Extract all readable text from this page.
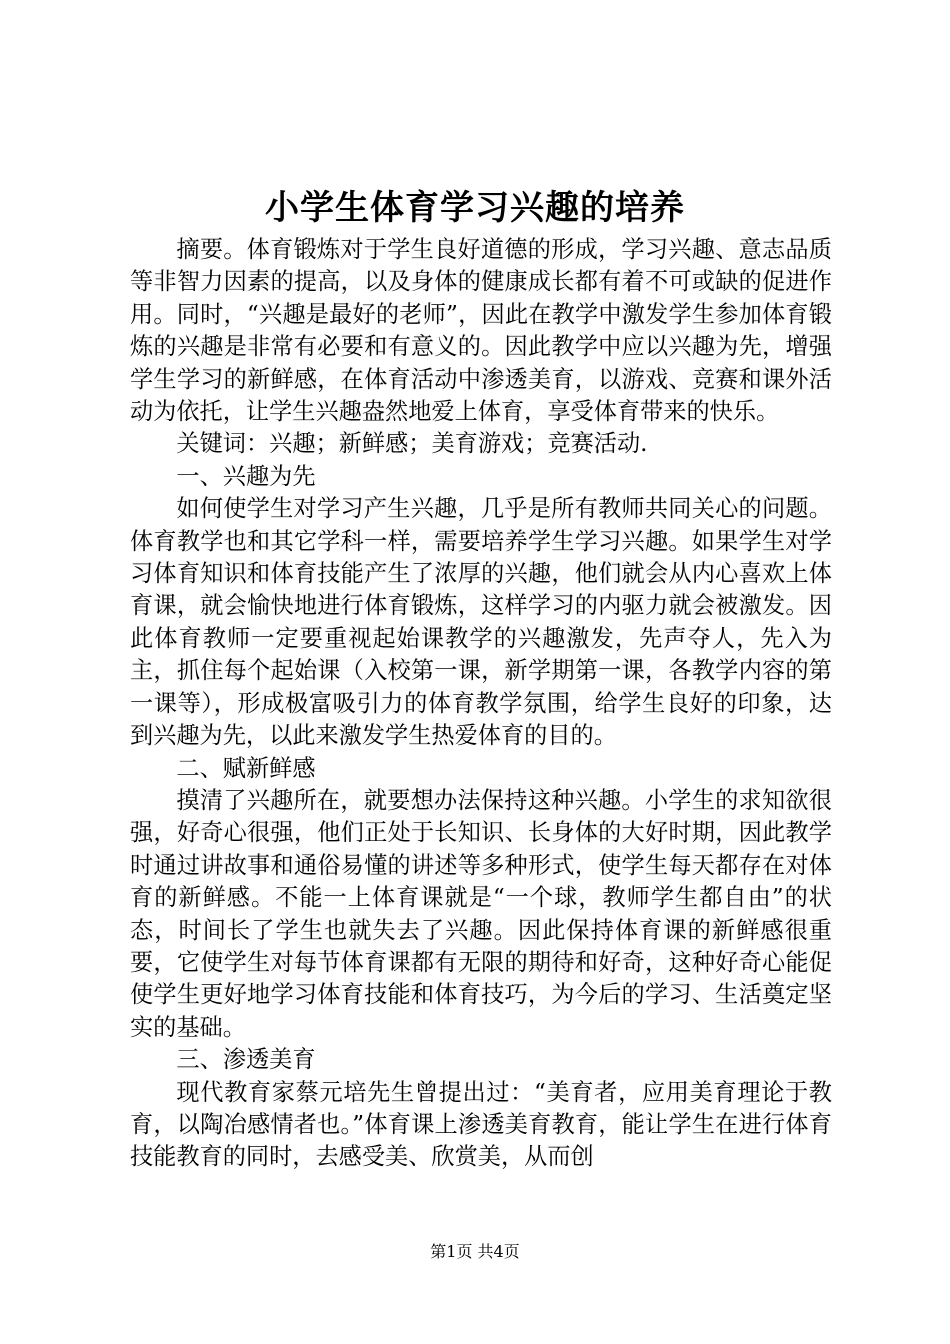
小学生体育学习兴趣的培养

摘要。体育锻炼对于学生良好道德的形成，学习兴趣、意志品质等非智力因素的提高，以及身体的健康成长都有着不可或缺的促进作用。同时，“兴趣是最好的老师”，因此在教学中激发学生参加体育锻炼的兴趣是非常有必要和有意义的。因此教学中应以兴趣为先，增强学生学习的新鲜感，在体育活动中渗透美育，以游戏、竞赛和课外活动为依托，让学生兴趣盎然地爱上体育，享受体育带来的快乐。

关键词：兴趣；新鲜感；美育游戏；竞赛活动.

一、兴趣为先

如何使学生对学习产生兴趣，几乎是所有教师共同关心的问题。体育教学也和其它学科一样，需要培养学生学习兴趣。如果学生对学习体育知识和体育技能产生了浓厚的兴趣，他们就会从内心喜欢上体育课，就会愉快地进行体育锻炼，这样学习的内驱力就会被激发。因此体育教师一定要重视起始课教学的兴趣激发，先声夺人，先入为主，抓住每个起始课（入校第一课，新学期第一课，各教学内容的第一课等），形成极富吸引力的体育教学氛围，给学生良好的印象，达到兴趣为先，以此来激发学生热爱体育的目的。

二、赋新鲜感

摸清了兴趣所在，就要想办法保持这种兴趣。小学生的求知欲很强，好奇心很强，他们正处于长知识、长身体的大好时期，因此教学时通过讲故事和通俗易懂的讲述等多种形式，使学生每天都存在对体育的新鲜感。不能一上体育课就是“一个球，教师学生都自由”的状态，时间长了学生也就失去了兴趣。因此保持体育课的新鲜感很重要，它使学生对每节体育课都有无限的期待和好奇，这种好奇心能促使学生更好地学习体育技能和体育技巧，为今后的学习、生活奠定坚实的基础。

三、渗透美育

现代教育家蔡元培先生曾提出过：“美育者，应用美育理论于教育，以陶冶感情者也。”体育课上渗透美育教育，能让学生在进行体育技能教育的同时，去感受美、欣赏美，从而创

第1页 共4页
